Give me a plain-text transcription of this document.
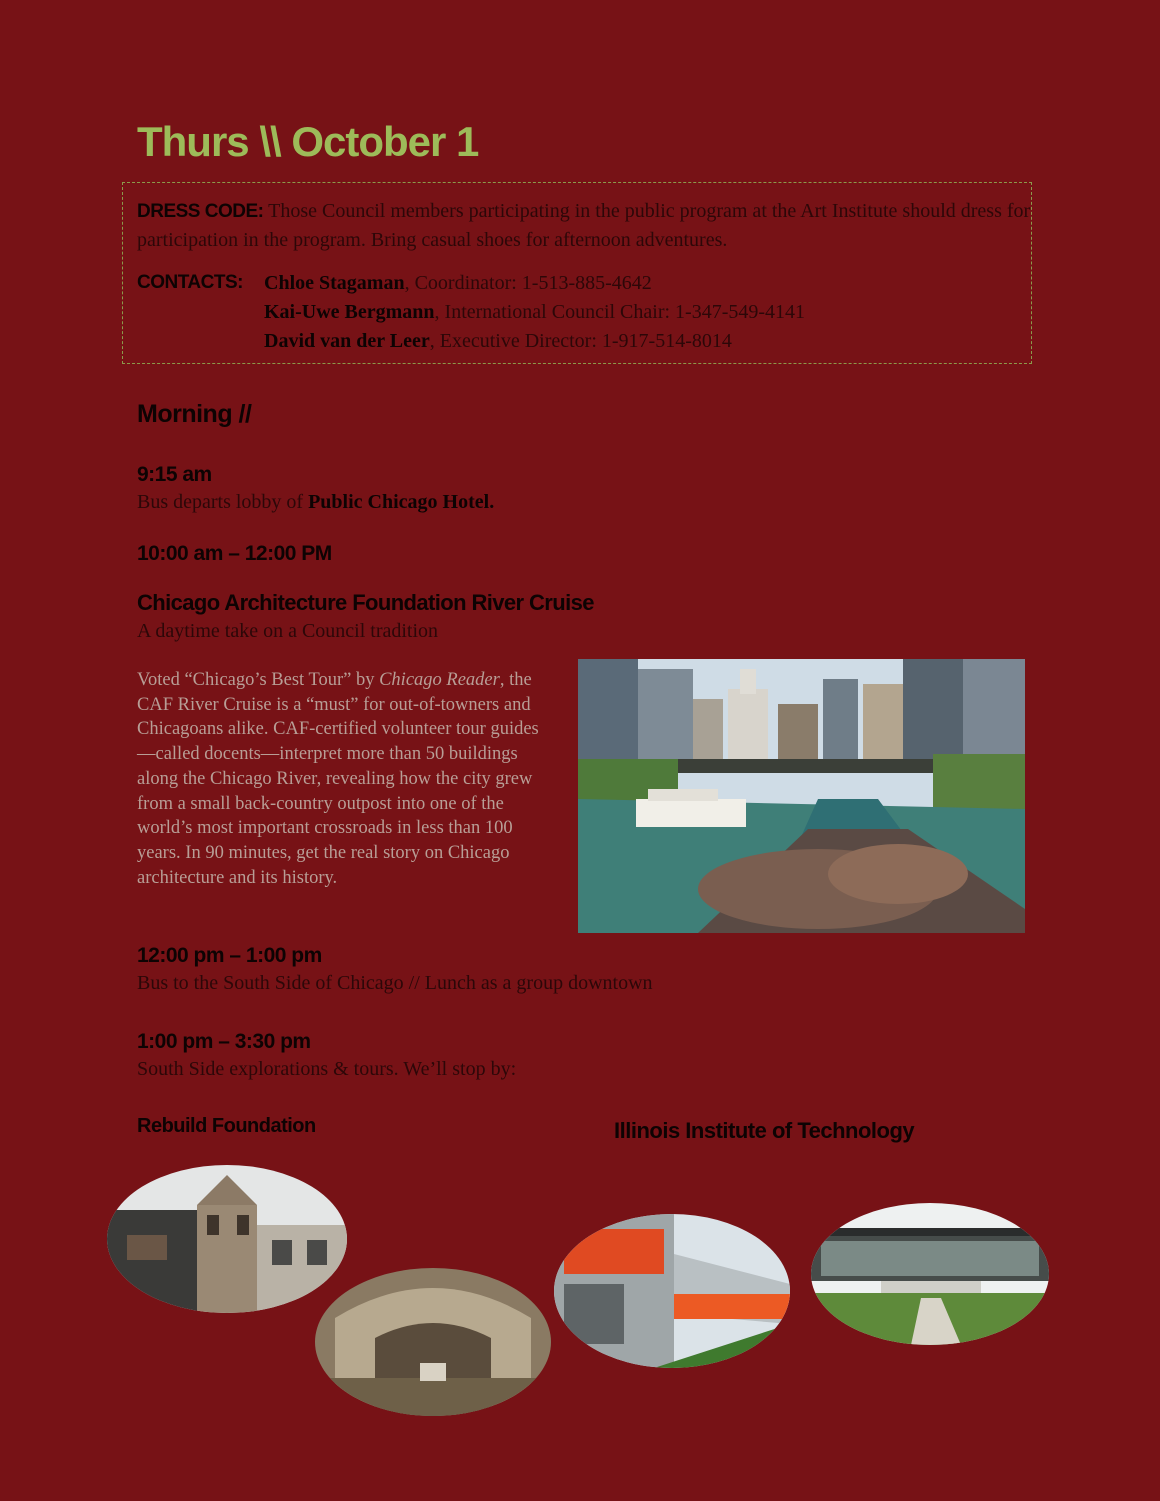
Thurs \\ October 1
DRESS CODE: Those Council members participating in the public program at the Art Institute should dress for participation in the program. Bring casual shoes for afternoon adventures.
CONTACTS: Chloe Stagaman, Coordinator: 1-513-885-4642
Kai-Uwe Bergmann, International Council Chair: 1-347-549-4141
David van der Leer, Executive Director: 1-917-514-8014
Morning //
9:15 am
Bus departs lobby of Public Chicago Hotel.
10:00 am – 12:00 PM
Chicago Architecture Foundation River Cruise
A daytime take on a Council tradition
Voted “Chicago’s Best Tour” by Chicago Reader, the CAF River Cruise is a “must” for out-of-towners and Chicagoans alike. CAF-certified volunteer tour guides—called docents—interpret more than 50 buildings along the Chicago River, revealing how the city grew from a small back-country outpost into one of the world’s most important crossroads in less than 100 years. In 90 minutes, get the real story on Chicago architecture and its history.
12:00 pm – 1:00 pm
Bus to the South Side of Chicago // Lunch as a group downtown
1:00 pm – 3:30 pm
South Side explorations & tours. We’ll stop by:
Rebuild Foundation	Illinois Institute of Technology
